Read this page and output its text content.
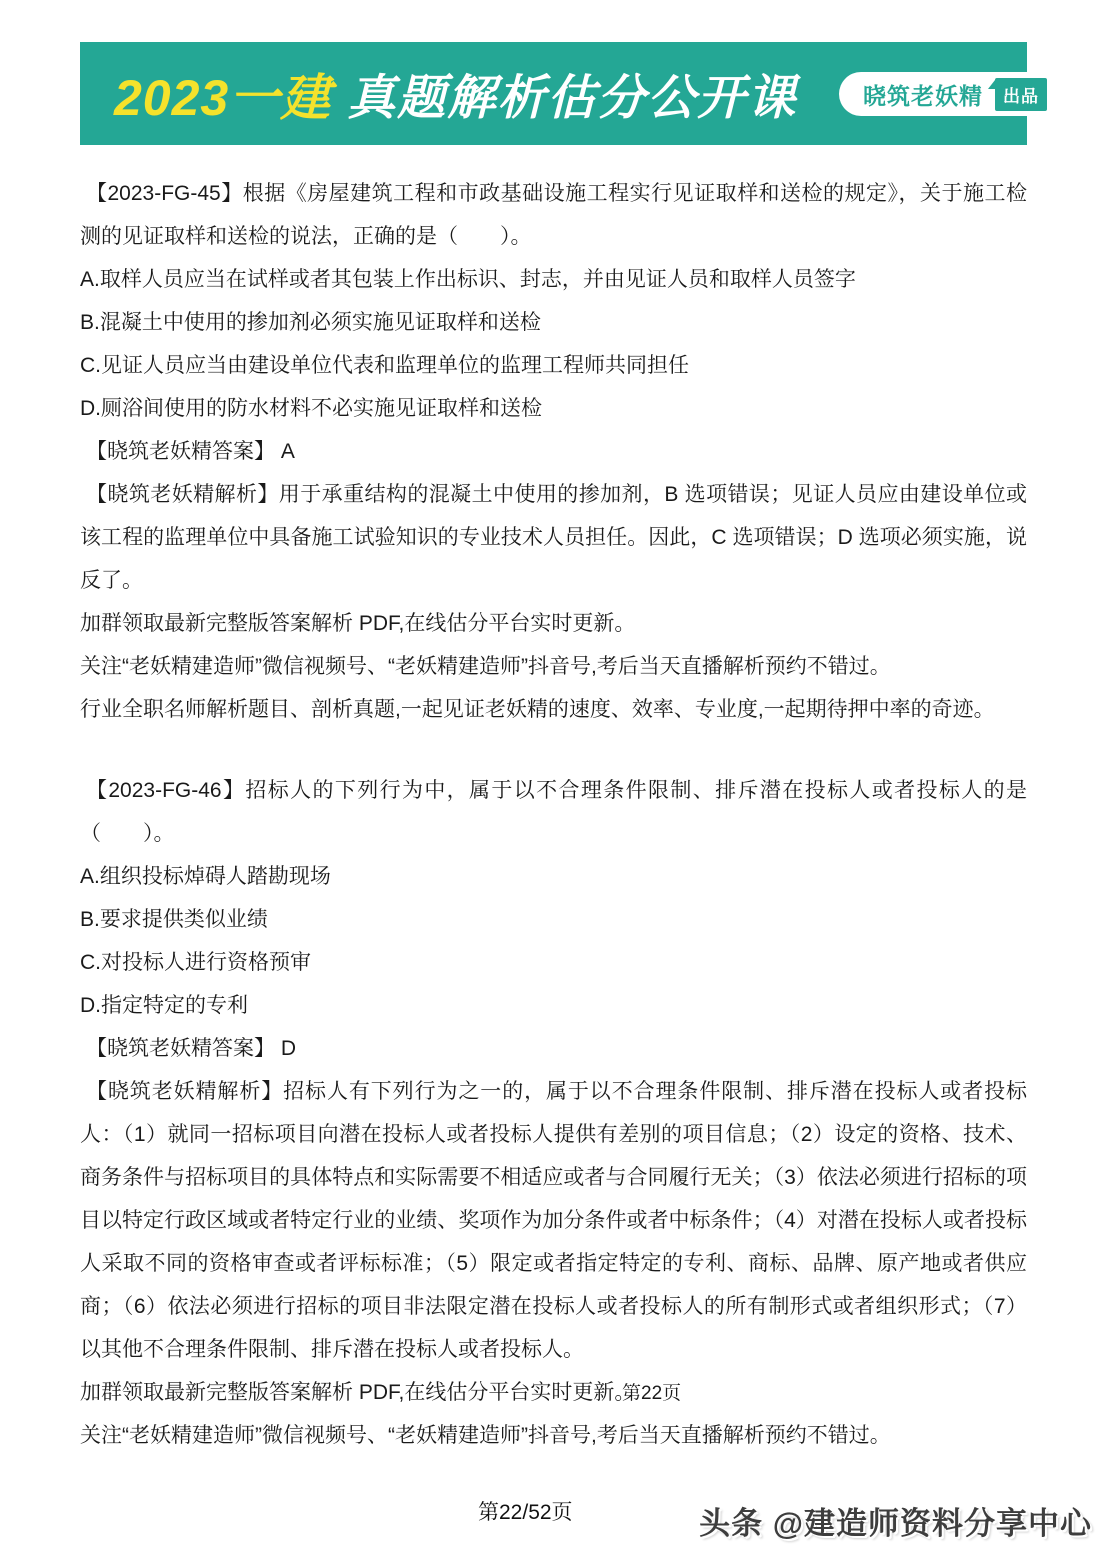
2023一建 真题解析估分公开课	晓筑老妖精	出品

【2023-FG-45】根据《房屋建筑工程和市政基础设施工程实行见证取样和送检的规定》，关于施工检测的见证取样和送检的说法，正确的是（　　）。

A.取样人员应当在试样或者其包装上作出标识、封志，并由见证人员和取样人员签字

B.混凝土中使用的掺加剂必须实施见证取样和送检

C.见证人员应当由建设单位代表和监理单位的监理工程师共同担任

D.厕浴间使用的防水材料不必实施见证取样和送检

【晓筑老妖精答案】 A

【晓筑老妖精解析】用于承重结构的混凝土中使用的掺加剂，B 选项错误；见证人员应由建设单位或该工程的监理单位中具备施工试验知识的专业技术人员担任。因此，C 选项错误；D 选项必须实施，说反了。

加群领取最新完整版答案解析 PDF,在线估分平台实时更新。

关注“老妖精建造师”微信视频号、“老妖精建造师”抖音号,考后当天直播解析预约不错过。

行业全职名师解析题目、剖析真题,一起见证老妖精的速度、效率、专业度,一起期待押中率的奇迹。

【2023-FG-46】招标人的下列行为中，属于以不合理条件限制、排斥潜在投标人或者投标人的是（　　）。

A.组织投标焯碍人踏勘现场

B.要求提供类似业绩

C.对投标人进行资格预审

D.指定特定的专利

【晓筑老妖精答案】 D

【晓筑老妖精解析】招标人有下列行为之一的，属于以不合理条件限制、排斥潜在投标人或者投标人：（1）就同一招标项目向潜在投标人或者投标人提供有差别的项目信息；（2）设定的资格、技术、商务条件与招标项目的具体特点和实际需要不相适应或者与合同履行无关；（3）依法必须进行招标的项目以特定行政区域或者特定行业的业绩、奖项作为加分条件或者中标条件；（4）对潜在投标人或者投标人采取不同的资格审查或者评标标准；（5）限定或者指定特定的专利、商标、品牌、原产地或者供应商；（6）依法必须进行招标的项目非法限定潜在投标人或者投标人的所有制形式或者组织形式；（7）以其他不合理条件限制、排斥潜在投标人或者投标人。

加群领取最新完整版答案解析 PDF,在线估分平台实时更新。

关注“老妖精建造师”微信视频号、“老妖精建造师”抖音号,考后当天直播解析预约不错过。

第22页
第22/52页	头条 @建造师资料分享中心
